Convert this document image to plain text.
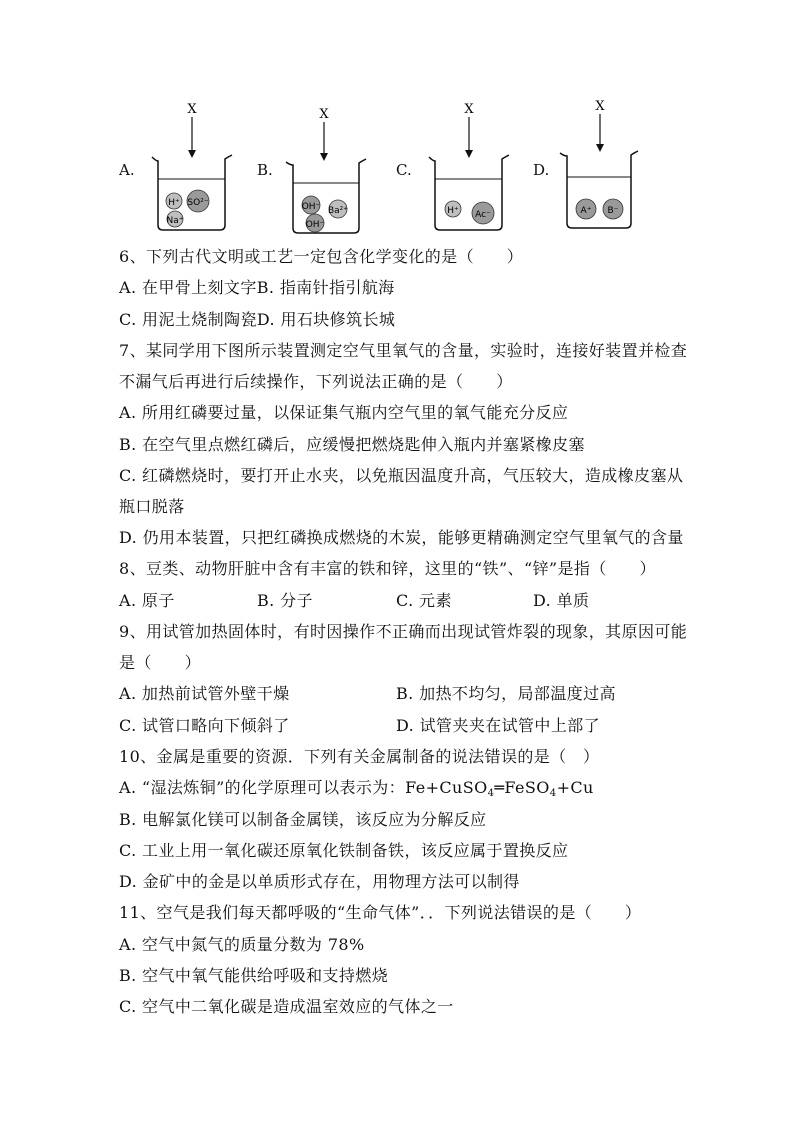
A.
X
H⁺ SO²⁻
Na⁺
B.
X
OH⁻ Ba²⁺
OH⁻
C.
X
H⁺ Ac⁻
D.
X
A⁺ B⁻
6、下列古代文明或工艺一定包含化学变化的是（　　）
A. 在甲骨上刻文字B. 指南针指引航海
C. 用泥土烧制陶瓷D. 用石块修筑长城
7、某同学用下图所示装置测定空气里氧气的含量，实验时，连接好装置并检查
不漏气后再进行后续操作，下列说法正确的是（　　）
A. 所用红磷要过量，以保证集气瓶内空气里的氧气能充分反应
B. 在空气里点燃红磷后，应缓慢把燃烧匙伸入瓶内并塞紧橡皮塞
C. 红磷燃烧时，要打开止水夹，以免瓶因温度升高，气压较大，造成橡皮塞从
瓶口脱落
D. 仍用本装置，只把红磷换成燃烧的木炭，能够更精确测定空气里氧气的含量
8、豆类、动物肝脏中含有丰富的铁和锌，这里的“铁”、“锌”是指（　　）
A. 原子	B. 分子	C. 元素	D. 单质
9、用试管加热固体时，有时因操作不正确而出现试管炸裂的现象，其原因可能
是（　　）
A. 加热前试管外壁干燥	B. 加热不均匀，局部温度过高
C. 试管口略向下倾斜了	D. 试管夹夹在试管中上部了
10、金属是重要的资源．下列有关金属制备的说法错误的是（　）
A. “湿法炼铜”的化学原理可以表示为：Fe+CuSO$_4$═FeSO$_4$+Cu
B. 电解氯化镁可以制备金属镁，该反应为分解反应
C. 工业上用一氧化碳还原氧化铁制备铁，该反应属于置换反应
D. 金矿中的金是以单质形式存在，用物理方法可以制得
11、空气是我们每天都呼吸的“生命气体”．．下列说法错误的是（　　）
A. 空气中氮气的质量分数为 78%
B. 空气中氧气能供给呼吸和支持燃烧
C. 空气中二氧化碳是造成温室效应的气体之一
